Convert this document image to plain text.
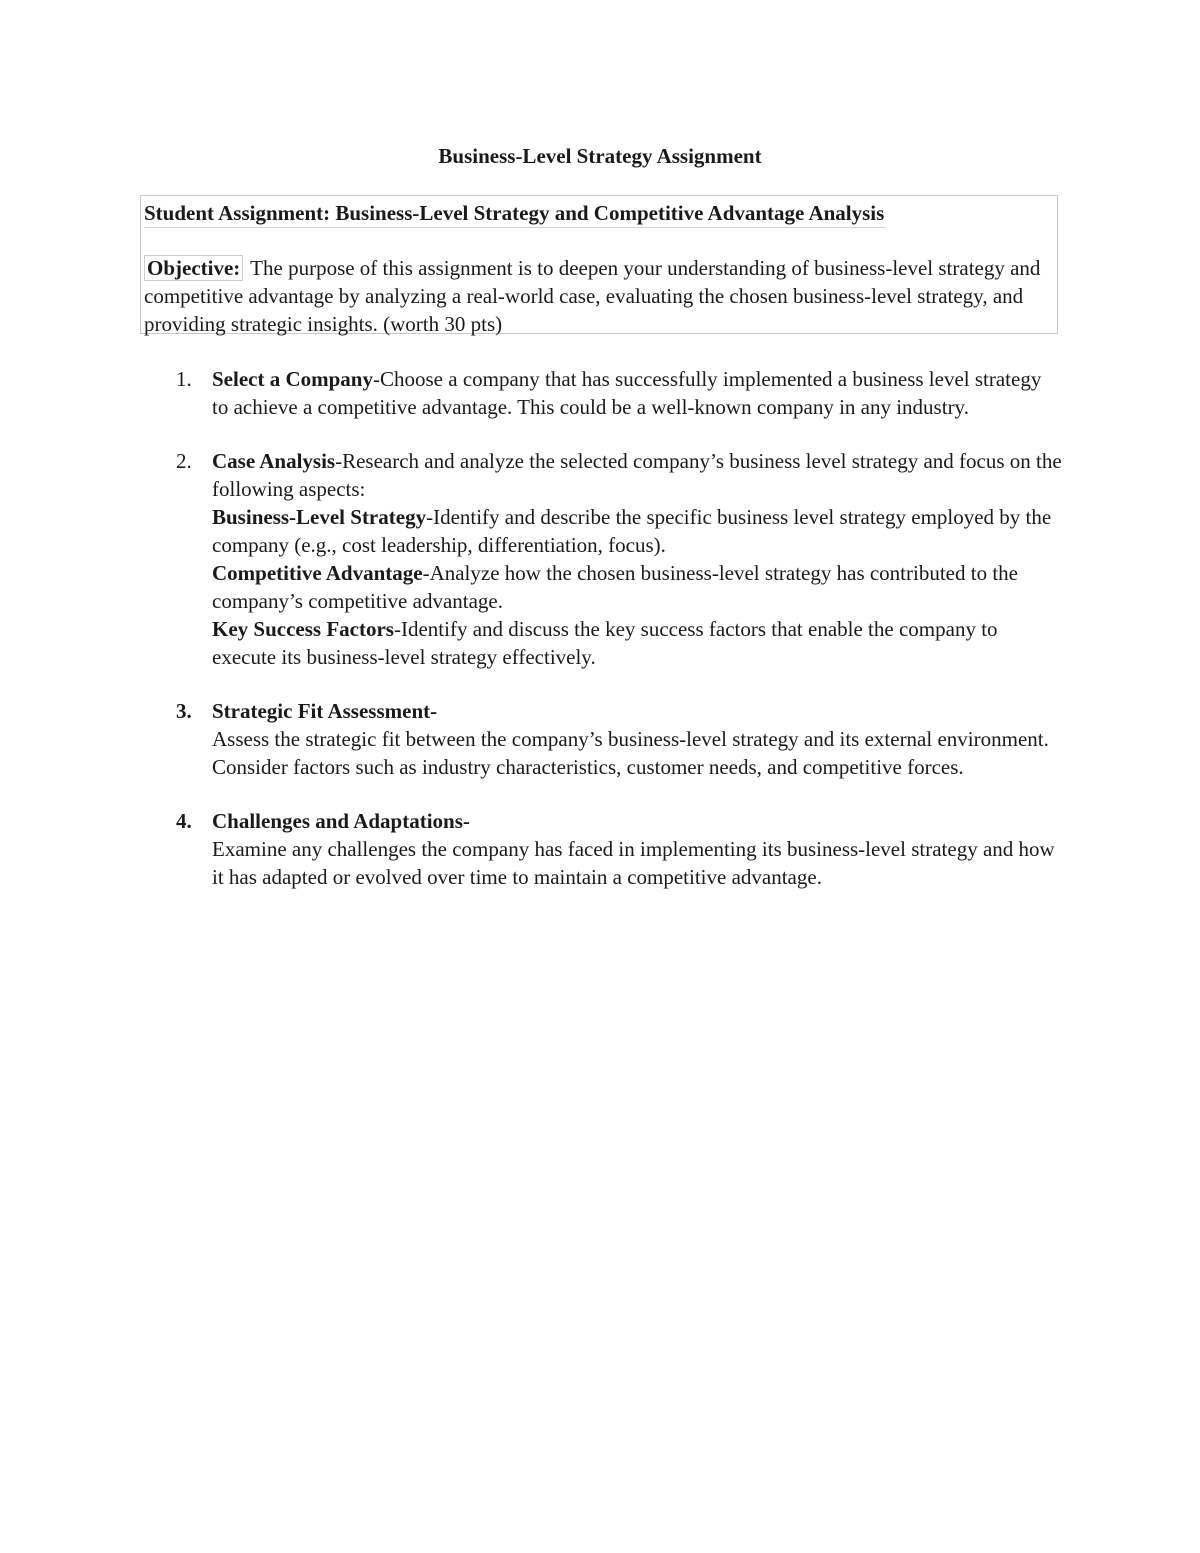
Business-Level Strategy Assignment
Student Assignment: Business-Level Strategy and Competitive Advantage Analysis
Objective: The purpose of this assignment is to deepen your understanding of business-level strategy and competitive advantage by analyzing a real-world case, evaluating the chosen business-level strategy, and providing strategic insights. (worth 30 pts)
1. Select a Company-Choose a company that has successfully implemented a business level strategy to achieve a competitive advantage. This could be a well-known company in any industry.

2. Case Analysis-Research and analyze the selected company’s business level strategy and focus on the following aspects:

Business-Level Strategy-Identify and describe the specific business level strategy employed by the company (e.g., cost leadership, differentiation, focus).

Competitive Advantage-Analyze how the chosen business-level strategy has contributed to the company’s competitive advantage.

Key Success Factors-Identify and discuss the key success factors that enable the company to execute its business-level strategy effectively.

3. Strategic Fit Assessment-
Assess the strategic fit between the company’s business-level strategy and its external environment. Consider factors such as industry characteristics, customer needs, and competitive forces.

4. Challenges and Adaptations-
Examine any challenges the company has faced in implementing its business-level strategy and how it has adapted or evolved over time to maintain a competitive advantage.
